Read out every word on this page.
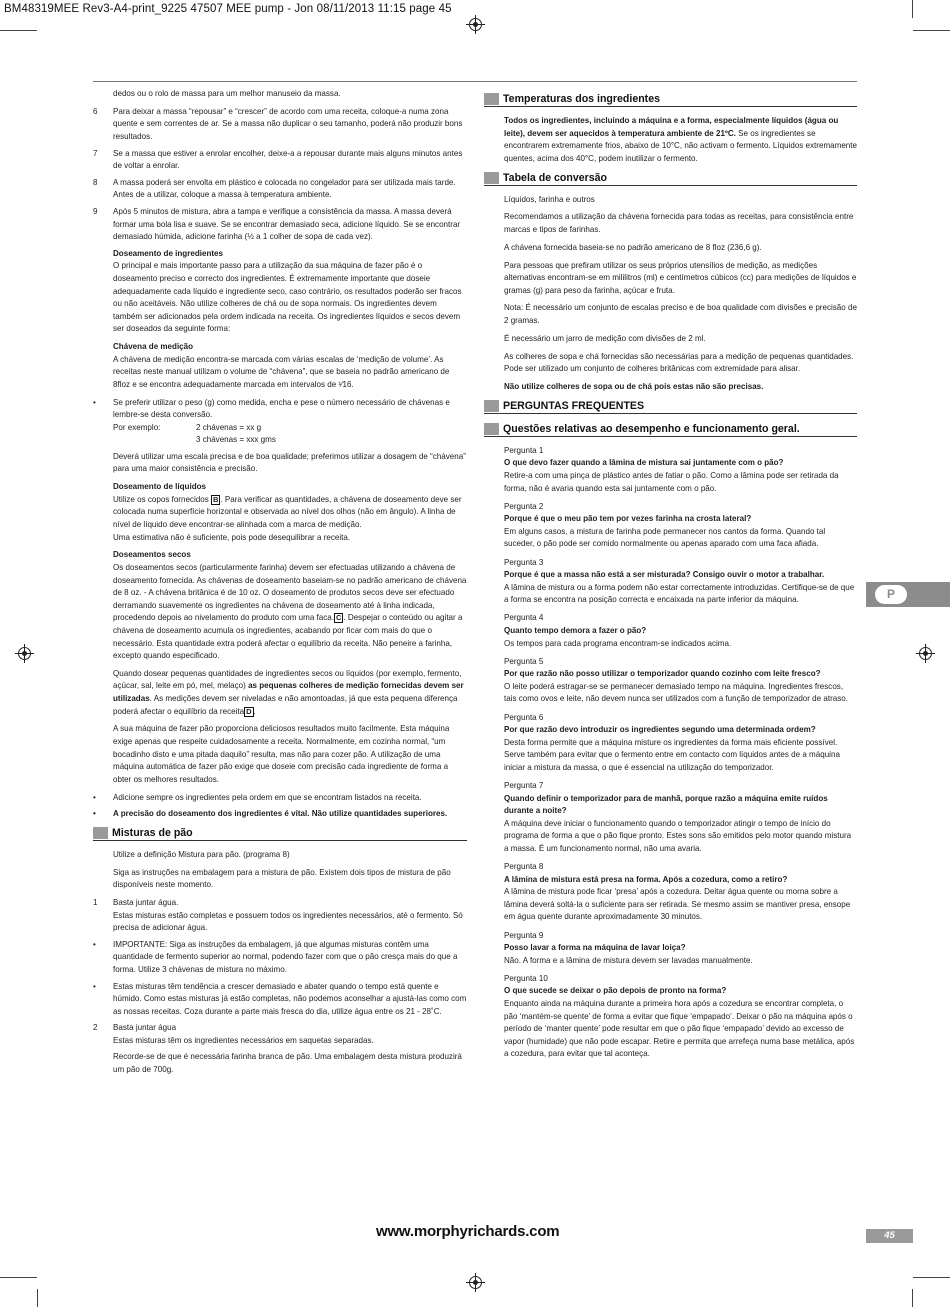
BM48319MEE Rev3-A4-print_9225 47507 MEE pump - Jon 08/11/2013 11:15 page 45

dedos ou o rolo de massa para um melhor manuseio da massa.

6 Para deixar a massa “repousar” e “crescer” de acordo com uma receita, coloque-a numa zona quente e sem correntes de ar. Se a massa não duplicar o seu tamanho, poderá não produzir bons resultados.
7 Se a massa que estiver a enrolar encolher, deixe-a a repousar durante mais alguns minutos antes de voltar a enrolar.
8 A massa poderá ser envolta em plástico e colocada no congelador para ser utilizada mais tarde. Antes de a utilizar, coloque a massa à temperatura ambiente.
9 Após 5 minutos de mistura, abra a tampa e verifique a consistência da massa. A massa deverá formar uma bola lisa e suave. Se se encontrar demasiado seca, adicione líquido. Se se encontrar demasiado húmida, adicione farinha (½ a 1 colher de sopa de cada vez).
Doseamento de ingredientes

O principal e mais importante passo para a utilização da sua máquina de fazer pão é o doseamento preciso e correcto dos ingredientes. É extremamente importante que doseie adequadamente cada líquido e ingrediente seco, caso contrário, os resultados poderão ser fracos ou não aceitáveis. Não utilize colheres de chá ou de sopa normais. Os ingredientes devem também ser adicionados pela ordem indicada na receita. Os ingredientes líquidos e secos devem ser doseados da seguinte forma:

Chávena de medição

A chávena de medição encontra-se marcada com várias escalas de ‘medição de volume’. As receitas neste manual utilizam o volume de “chávena”, que se baseia no padrão americano de 8floz e se encontra adequadamente marcada em intervalos de ¹⁄16.

• Se preferir utilizar o peso (g) como medida, encha e pese o número necessário de chávenas e lembre-se desta conversão.
Por exemplo:	2 chávenas = xx g
3 chávenas = xxx gms

Deverá utilizar uma escala precisa e de boa qualidade; preferimos utilizar a dosagem de “chávena” para uma maior consistência e precisão.

Doseamento de líquidos

Utilize os copos fornecidos B . Para verificar as quantidades, a chávena de doseamento deve ser colocada numa superfície horizontal e observada ao nível dos olhos (não em ângulo). A linha de nível de líquido deve encontrar-se alinhada com a marca de medição.
Uma estimativa não é suficiente, pois pode desequilibrar a receita.

Doseamentos secos

Os doseamentos secos (particularmente farinha) devem ser efectuadas utilizando a chávena de doseamento fornecida. As chávenas de doseamento baseiam-se no padrão americano de chávena de 8 oz. - A chávena britânica é de 10 oz. O doseamento de produtos secos deve ser efectuado derramando suavemente os ingredientes na chávena de doseamento até à linha indicada, procedendo depois ao nivelamento do produto com uma faca. C . Despejar o conteúdo ou agitar a chávena de doseamento acumula os ingredientes, acabando por ficar com mais do que o necessário. Esta quantidade extra poderá afectar o equilíbrio da receita. Não peneire a farinha, excepto quando especificado.

Quando dosear pequenas quantidades de ingredientes secos ou líquidos (por exemplo, fermento, açúcar, sal, leite em pó, mel, melaço) as pequenas colheres de medição fornecidas devem ser utilizadas. As medições devem ser niveladas e não amontoadas, já que esta pequena diferença poderá afectar o equilíbrio da receita D .

A sua máquina de fazer pão proporciona deliciosos resultados muito facilmente. Esta máquina exige apenas que respeite cuidadosamente a receita. Normalmente, em cozinha normal, “um bocadinho disto e uma pitada daquilo” resulta, mas não para cozer pão. A utilização de uma máquina automática de fazer pão exige que doseie com precisão cada ingrediente de forma a obter os melhores resultados.

• Adicione sempre os ingredientes pela ordem em que se encontram listados na receita.
• A precisão do doseamento dos ingredientes é vital. Não utilize quantidades superiores.
Misturas de pão

Utilize a definição Mistura para pão. (programa 8)

Siga as instruções na embalagem para a mistura de pão. Existem dois tipos de mistura de pão disponíveis neste momento.

1 Basta juntar água.
Estas misturas estão completas e possuem todos os ingredientes necessários, até o fermento. Só precisa de adicionar água.
• IMPORTANTE: Siga as instruções da embalagem, já que algumas misturas contêm uma quantidade de fermento superior ao normal, podendo fazer com que o pão cresça mais do que a forma. Utilize 3 chávenas de mistura no máximo.
• Estas misturas têm tendência a crescer demasiado e abater quando o tempo está quente e húmido. Como estas misturas já estão completas, não podemos aconselhar a ajustá-las como com as nossas receitas. Coza durante a parte mais fresca do dia, utilize água entre os 21 - 28˚C.
2 Basta juntar água
Estas misturas têm os ingredientes necessários em saquetas separadas.

Recorde-se de que é necessária farinha branca de pão. Uma embalagem desta mistura produzirá um pão de 700g.

Temperaturas dos ingredientes

Todos os ingredientes, incluindo a máquina e a forma, especialmente líquidos (água ou leite), devem ser aquecidos à temperatura ambiente de 21ºC. Se os ingredientes se encontrarem extremamente frios, abaixo de 10°C, não activam o fermento. Líquidos extremamente quentes, acima dos 40°C, podem inutilizar o fermento.

Tabela de conversão

Líquidos, farinha e outros

Recomendamos a utilização da chávena fornecida para todas as receitas, para consistência entre marcas e tipos de farinhas.

A chávena fornecida baseia-se no padrão americano de 8 floz (236,6 g).

Para pessoas que prefiram utilizar os seus próprios utensílios de medição, as medições alternativas encontram-se em mililitros (ml) e centímetros cúbicos (cc) para medições de líquidos e gramas (g) para peso da farinha, açúcar e fruta.

Nota: É necessário um conjunto de escalas preciso e de boa qualidade com divisões e precisão de 2 gramas.

É necessário um jarro de medição com divisões de 2 ml.

As colheres de sopa e chá fornecidas são necessárias para a medição de pequenas quantidades.
Pode ser utilizado um conjunto de colheres britânicas com extremidade para alisar.

Não utilize colheres de sopa ou de chá pois estas não são precisas.

PERGUNTAS FREQUENTES
Questões relativas ao desempenho e funcionamento geral.
Pergunta 1
O que devo fazer quando a lâmina de mistura sai juntamente com o pão?
Retire-a com uma pinça de plástico antes de fatiar o pão. Como a lâmina pode ser retirada da forma, não é avaria quando esta sai juntamente com o pão.
Pergunta 2
Porque é que o meu pão tem por vezes farinha na crosta lateral?
Em alguns casos, a mistura de farinha pode permanecer nos cantos da forma. Quando tal suceder, o pão pode ser comido normalmente ou apenas aparado com uma faca afiada.
Pergunta 3
Porque é que a massa não está a ser misturada? Consigo ouvir o motor a trabalhar.
A lâmina de mistura ou a forma podem não estar correctamente introduzidas. Certifique-se de que a forma se encontra na posição correcta e encaixada na parte inferior da máquina.
Pergunta 4
Quanto tempo demora a fazer o pão?
Os tempos para cada programa encontram-se indicados acima.
Pergunta 5
Por que razão não posso utilizar o temporizador quando cozinho com leite fresco?
O leite poderá estragar-se se permanecer demasiado tempo na máquina. Ingredientes frescos, tais como ovos e leite, não devem nunca ser utilizados com a função de temporizador de atraso.
Pergunta 6
Por que razão devo introduzir os ingredientes segundo uma determinada ordem?
Desta forma permite que a máquina misture os ingredientes da forma mais eficiente possível. Serve também para evitar que o fermento entre em contacto com líquidos antes de a máquina iniciar a mistura da massa, o que é essencial na utilização do temporizador.
Pergunta 7
Quando definir o temporizador para de manhã, porque razão a máquina emite ruídos durante a noite?
A máquina deve iniciar o funcionamento quando o temporizador atingir o tempo de início do programa de forma a que o pão fique pronto. Estes sons são emitidos pelo motor quando mistura a massa. É um funcionamento normal, não uma avaria.
Pergunta 8
A lâmina de mistura está presa na forma. Após a cozedura, como a retiro?
A lâmina de mistura pode ficar ‘presa’ após a cozedura. Deitar água quente ou morna sobre a lâmina deverá soltá-la o suficiente para ser retirada. Se mesmo assim se mantiver presa, ensope em água quente durante aproximadamente 30 minutos.
Pergunta 9
Posso lavar a forma na máquina de lavar loiça?
Não. A forma e a lâmina de mistura devem ser lavadas manualmente.
Pergunta 10
O que sucede se deixar o pão depois de pronto na forma?
Enquanto ainda na máquina durante a primeira hora após a cozedura se encontrar completa, o pão ‘mantém-se quente’ de forma a evitar que fique ‘empapado’. Deixar o pão na máquina após o período de ‘manter quente’ pode resultar em que o pão fique ‘empapado’ devido ao excesso de vapor (humidade) que não pode escapar. Retire e permita que arrefeça numa base metálica, após a cozedura, para evitar que tal aconteça.
P
www.morphyrichards.com	45
